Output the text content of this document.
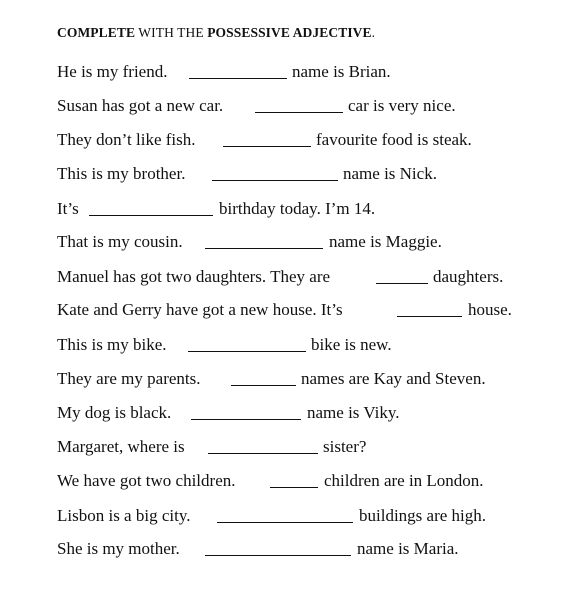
COMPLETE WITH THE POSSESSIVE ADJECTIVE.
He is my friend.	name is Brian.
Susan has got a new car.	car is very nice.
They don’t like fish.	favourite food is steak.
This is my brother.	name is Nick.
It’s	birthday today. I’m 14.
That is my cousin.	name is Maggie.
Manuel has got two daughters. They are	daughters.
Kate and Gerry have got a new house. It’s	house.
This is my bike.	bike is new.
They are my parents.	names are Kay and Steven.
My dog is black.	name is Viky.
Margaret, where is	sister?
We have got two children.	children are in London.
Lisbon is a big city.	buildings are high.
She is my mother.	name is Maria.
